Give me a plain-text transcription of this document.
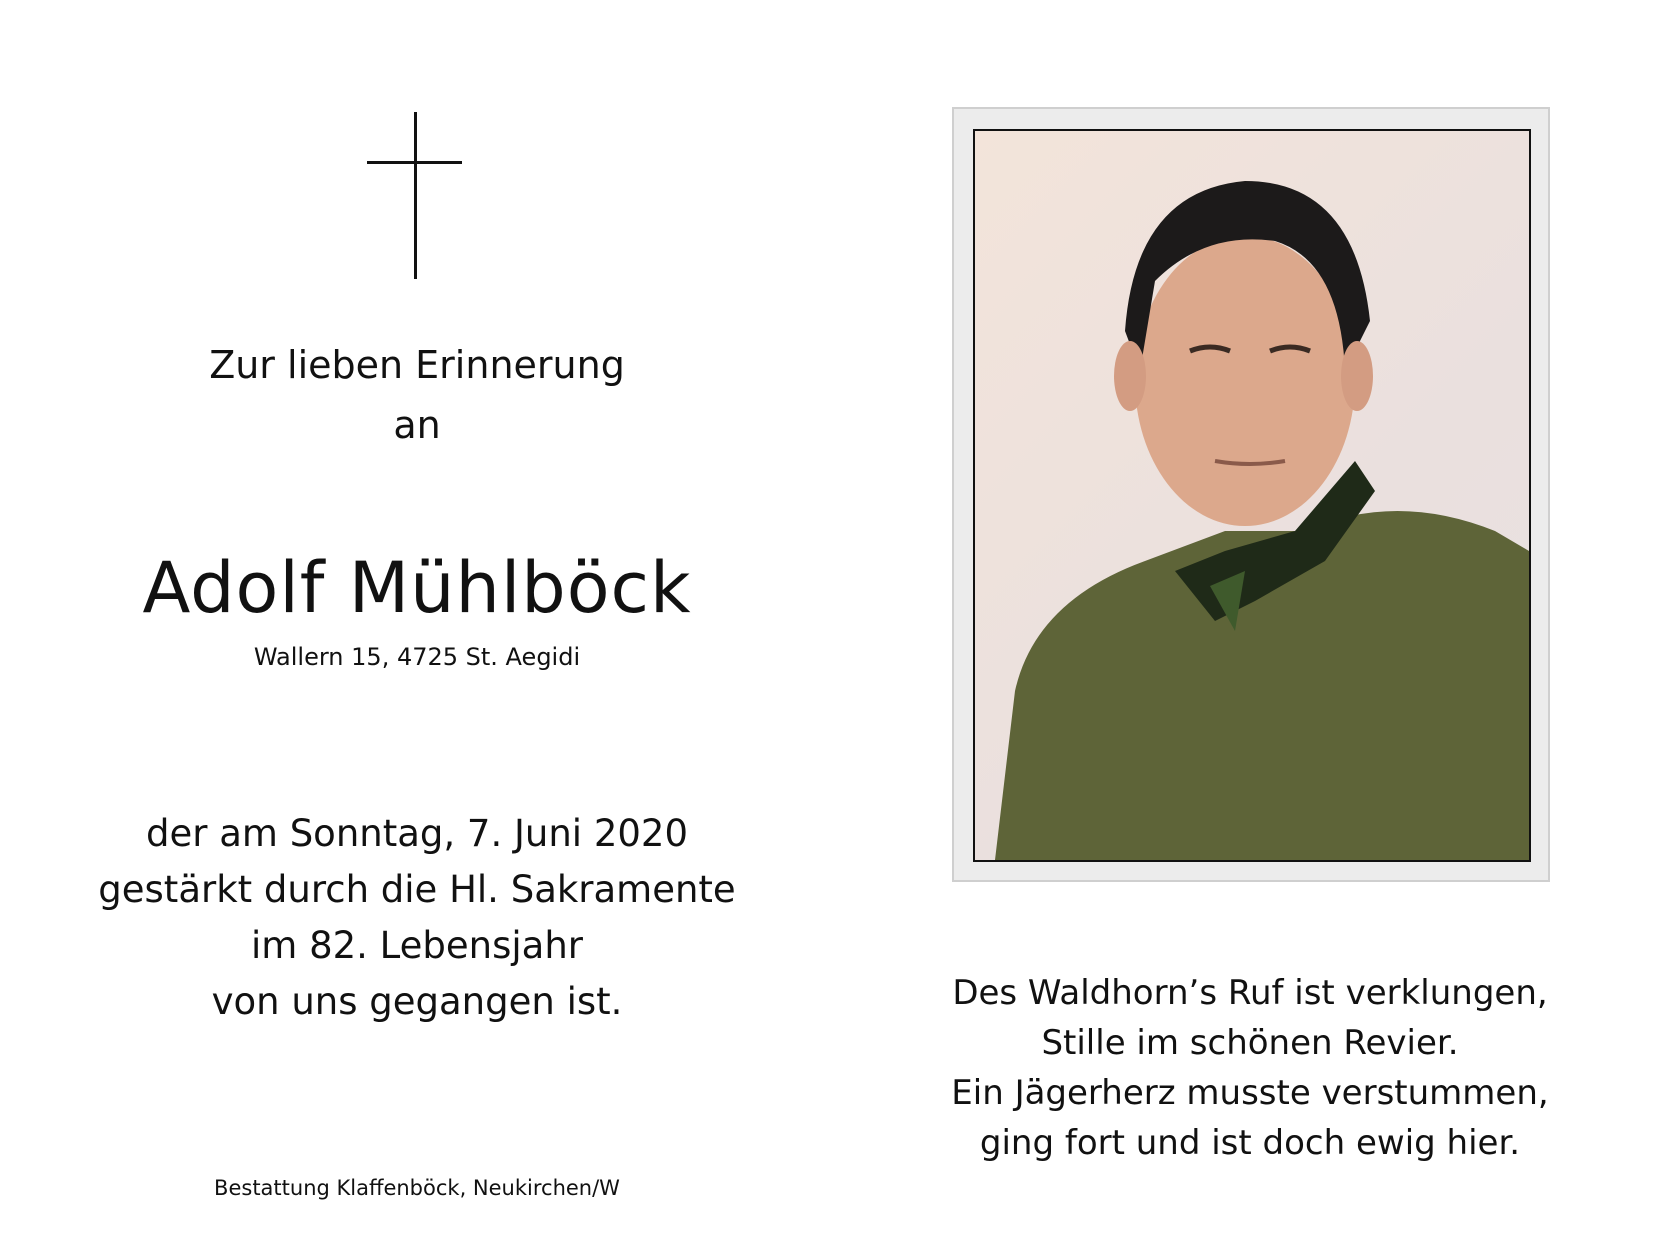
Zur lieben Erinnerung
an
Adolf Mühlböck
Wallern 15, 4725 St. Aegidi
der am Sonntag, 7. Juni 2020
gestärkt durch die Hl. Sakramente
im 82. Lebensjahr
von uns gegangen ist.
Bestattung Klaffenböck, Neukirchen/W
Des Waldhorn’s Ruf ist verklungen,
Stille im schönen Revier.
Ein Jägerherz musste verstummen,
ging fort und ist doch ewig hier.
